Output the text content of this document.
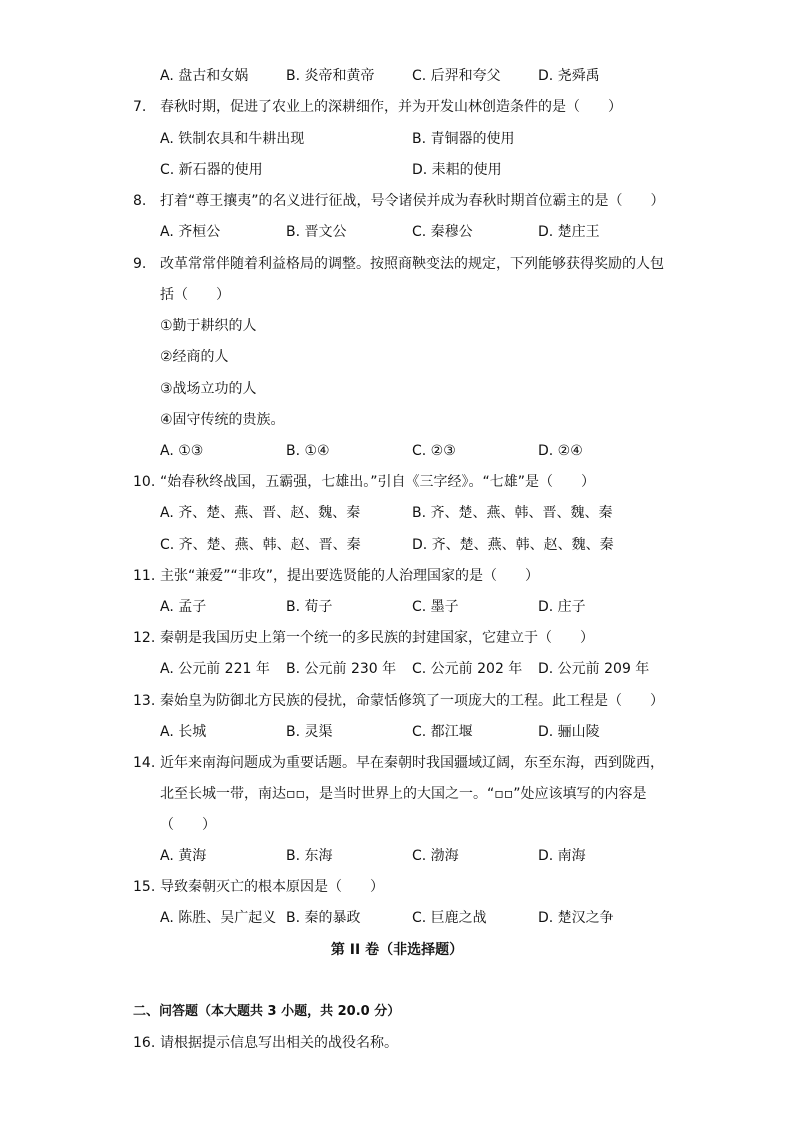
A. 盘古和女娲	B. 炎帝和黄帝	C. 后羿和夸父	D. 尧舜禹
7. 春秋时期，促进了农业上的深耕细作，并为开发山林创造条件的是（　　）
A. 铁制农具和牛耕出现	B. 青铜器的使用
C. 新石器的使用	D. 耒耜的使用
8. 打着“尊王攘夷”的名义进行征战，号令诸侯并成为春秋时期首位霸主的是（　　）
A. 齐桓公	B. 晋文公	C. 秦穆公	D. 楚庄王
9. 改革常常伴随着利益格局的调整。按照商鞅变法的规定，下列能够获得奖励的人包
括（　　）
①勤于耕织的人
②经商的人
③战场立功的人
④固守传统的贵族。
A. ①③	B. ①④	C. ②③	D. ②④
10. “始春秋终战国，五霸强，七雄出。”引自《三字经》。“七雄”是（　　）
A. 齐、楚、燕、晋、赵、魏、秦	B. 齐、楚、燕、韩、晋、魏、秦
C. 齐、楚、燕、韩、赵、晋、秦	D. 齐、楚、燕、韩、赵、魏、秦
11. 主张“兼爱”“非攻”，提出要选贤能的人治理国家的是（　　）
A. 孟子	B. 荀子	C. 墨子	D. 庄子
12. 秦朝是我国历史上第一个统一的多民族的封建国家，它建立于（　　）
A. 公元前 221 年 B. 公元前 230 年 C. 公元前 202 年 D. 公元前 209 年
13. 秦始皇为防御北方民族的侵扰，命蒙恬修筑了一项庞大的工程。此工程是（　　）
A. 长城	B. 灵渠	C. 都江堰	D. 骊山陵
14. 近年来南海问题成为重要话题。早在秦朝时我国疆域辽阔，东至东海，西到陇西，
北至长城一带，南达▫▫，是当时世界上的大国之一。“▫▫”处应该填写的内容是
（　　）
A. 黄海	B. 东海	C. 渤海	D. 南海
15. 导致秦朝灭亡的根本原因是（　　）
A. 陈胜、吴广起义 B. 秦的暴政	C. 巨鹿之战	D. 楚汉之争
第 II 卷（非选择题）
二、问答题（本大题共 3 小题，共 20.0 分）
16. 请根据提示信息写出相关的战役名称。
